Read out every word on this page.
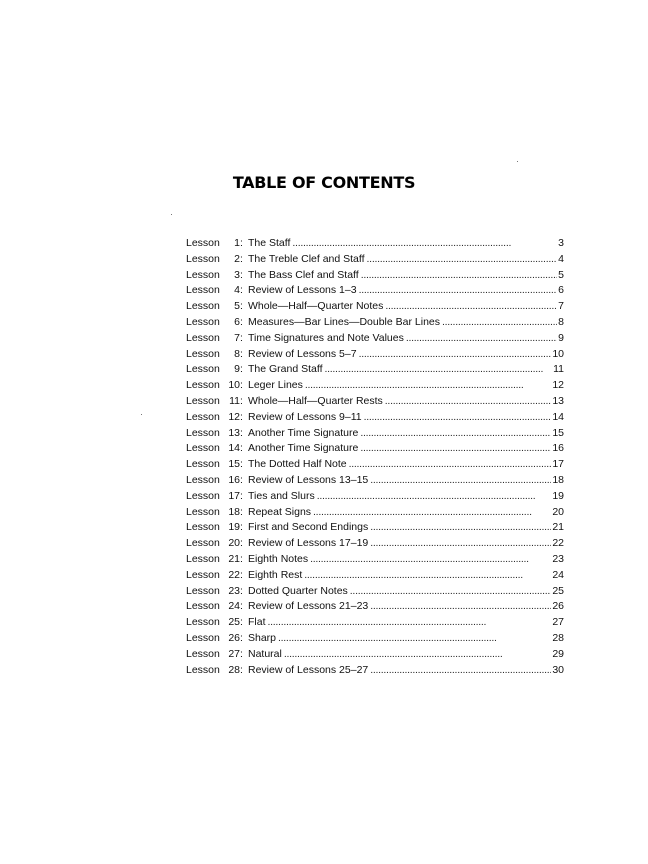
TABLE OF CONTENTS
Lesson	1 : The Staff . . .	3
Lesson	2 : The Treble Clef and Staff . . .	4
Lesson	3 : The Bass Clef and Staff . . .	5
Lesson	4 : Review of Lessons 1–3 . . .	6
Lesson	5 : Whole—Half—Quarter Notes . . .	7
Lesson	6 : Measures—Bar Lines—Double Bar Lines . . .	8
Lesson	7 : Time Signatures and Note Values . . .	9
Lesson	8 : Review of Lessons 5–7 . . .	10
Lesson	9 : The Grand Staff . . .	11
Lesson 10 : Leger Lines . . .	12
Lesson 11 : Whole—Half—Quarter Rests . . .	13
Lesson 12 : Review of Lessons 9–11 . . .	14
Lesson 13 : Another Time Signature . . .	15
Lesson 14 : Another Time Signature . . .	16
Lesson 15 : The Dotted Half Note . . .	17
Lesson 16 : Review of Lessons 13–15 . . .	18
Lesson 17 : Ties and Slurs . . .	19
Lesson 18 : Repeat Signs . . .	20
Lesson 19 : First and Second Endings . . .	21
Lesson 20 : Review of Lessons 17–19 . . .	22
Lesson 21 : Eighth Notes . . .	23
Lesson 22 : Eighth Rest . . .	24
Lesson 23 : Dotted Quarter Notes . . .	25
Lesson 24 : Review of Lessons 21–23 . . .	26
Lesson 25 : Flat . . .	27
Lesson 26 : Sharp . . .	28
Lesson 27 : Natural . . .	29
Lesson 28 : Review of Lessons 25–27 . . .	30
